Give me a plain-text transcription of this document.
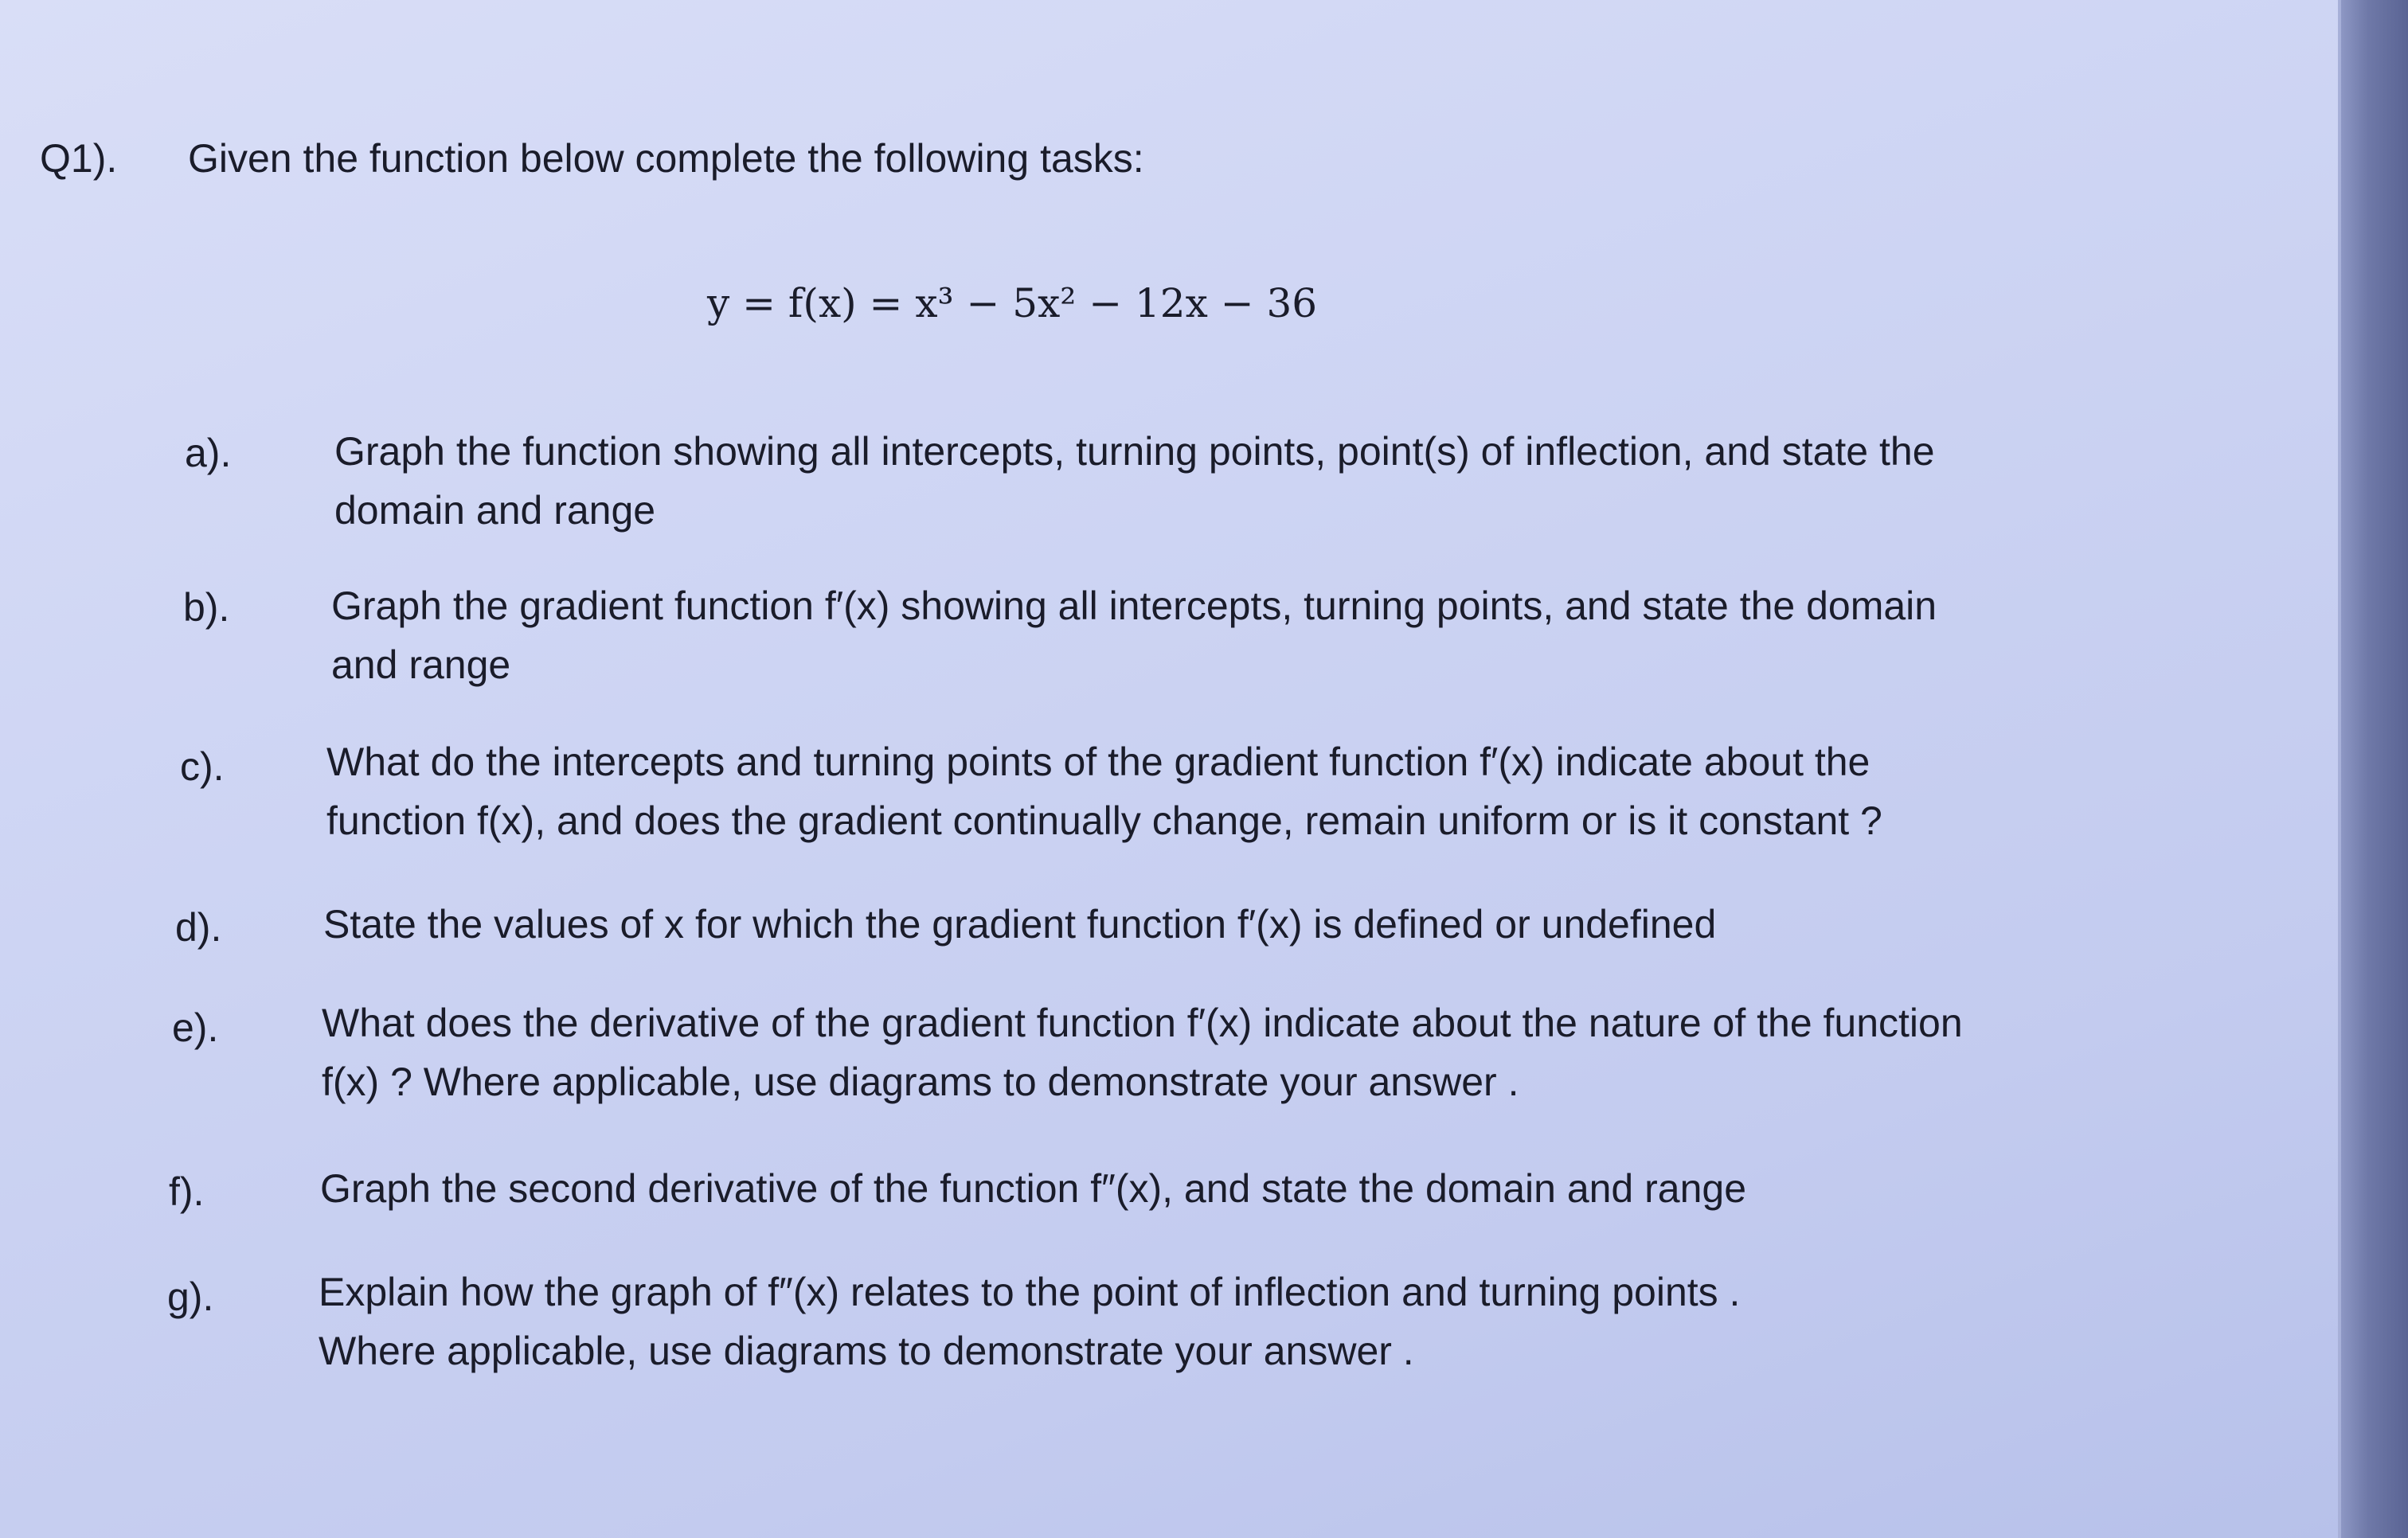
Q1). Given the function below complete the following tasks:
y = f(x) = x³ − 5x² − 12x − 36
a).	Graph the function showing all intercepts, turning points, point(s) of inflection, and state the
domain and range
b).	Graph the gradient function f′(x) showing all intercepts, turning points, and state the domain
and range
c).	What do the intercepts and turning points of the gradient function f′(x) indicate about the
function f(x), and does the gradient continually change, remain uniform or is it constant ?
d).	State the values of x for which the gradient function f′(x) is defined or undefined
e).	What does the derivative of the gradient function f′(x) indicate about the nature of the function
f(x) ? Where applicable, use diagrams to demonstrate your answer .
f).	Graph the second derivative of the function f″(x), and state the domain and range
g).	Explain how the graph of f″(x) relates to the point of inflection and turning points .
Where applicable, use diagrams to demonstrate your answer .
